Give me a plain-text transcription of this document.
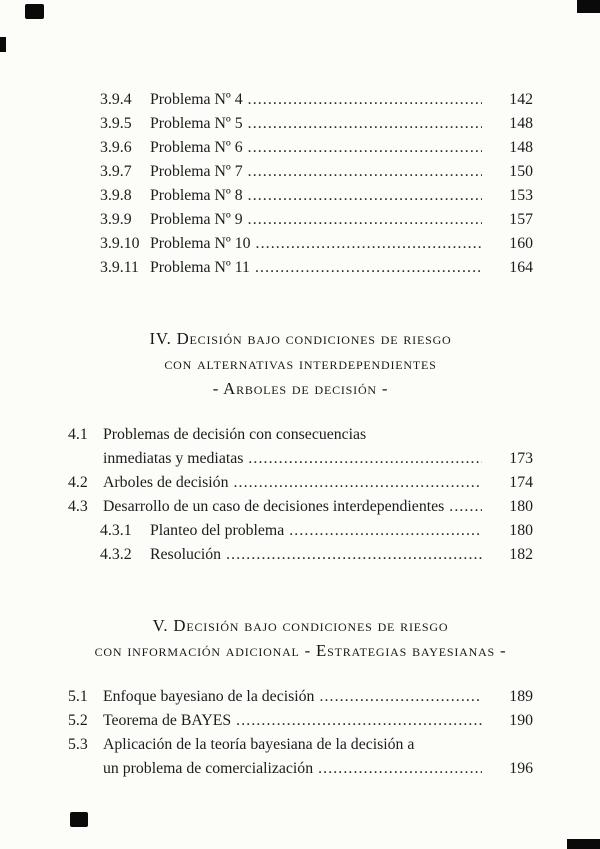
3.9.4	Problema Nº 4 .....	142
3.9.5	Problema Nº 5 .....	148
3.9.6	Problema Nº 6 .....	148
3.9.7	Problema Nº 7 .....	150
3.9.8	Problema Nº 8 .....	153
3.9.9	Problema Nº 9 .....	157
3.9.10 Problema Nº 10 .....	160
3.9.11 Problema Nº 11 .....	164
IV. Decisión bajo condiciones de riesgo
con alternativas interdependientes
- Arboles de decisión -
4.1 Problemas de decisión con consecuencias
inmediatas y mediatas .....	173
4.2 Arboles de decisión .....	174
4.3 Desarrollo de un caso de decisiones interdependientes .....	180
4.3.1	Planteo del problema .....	180
4.3.2	Resolución .....	182
V. Decisión bajo condiciones de riesgo
con información adicional - Estrategias bayesianas -
5.1 Enfoque bayesiano de la decisión .....	189
5.2 Teorema de BAYES .....	190
5.3 Aplicación de la teoría bayesiana de la decisión a
un problema de comercialización .....	196
